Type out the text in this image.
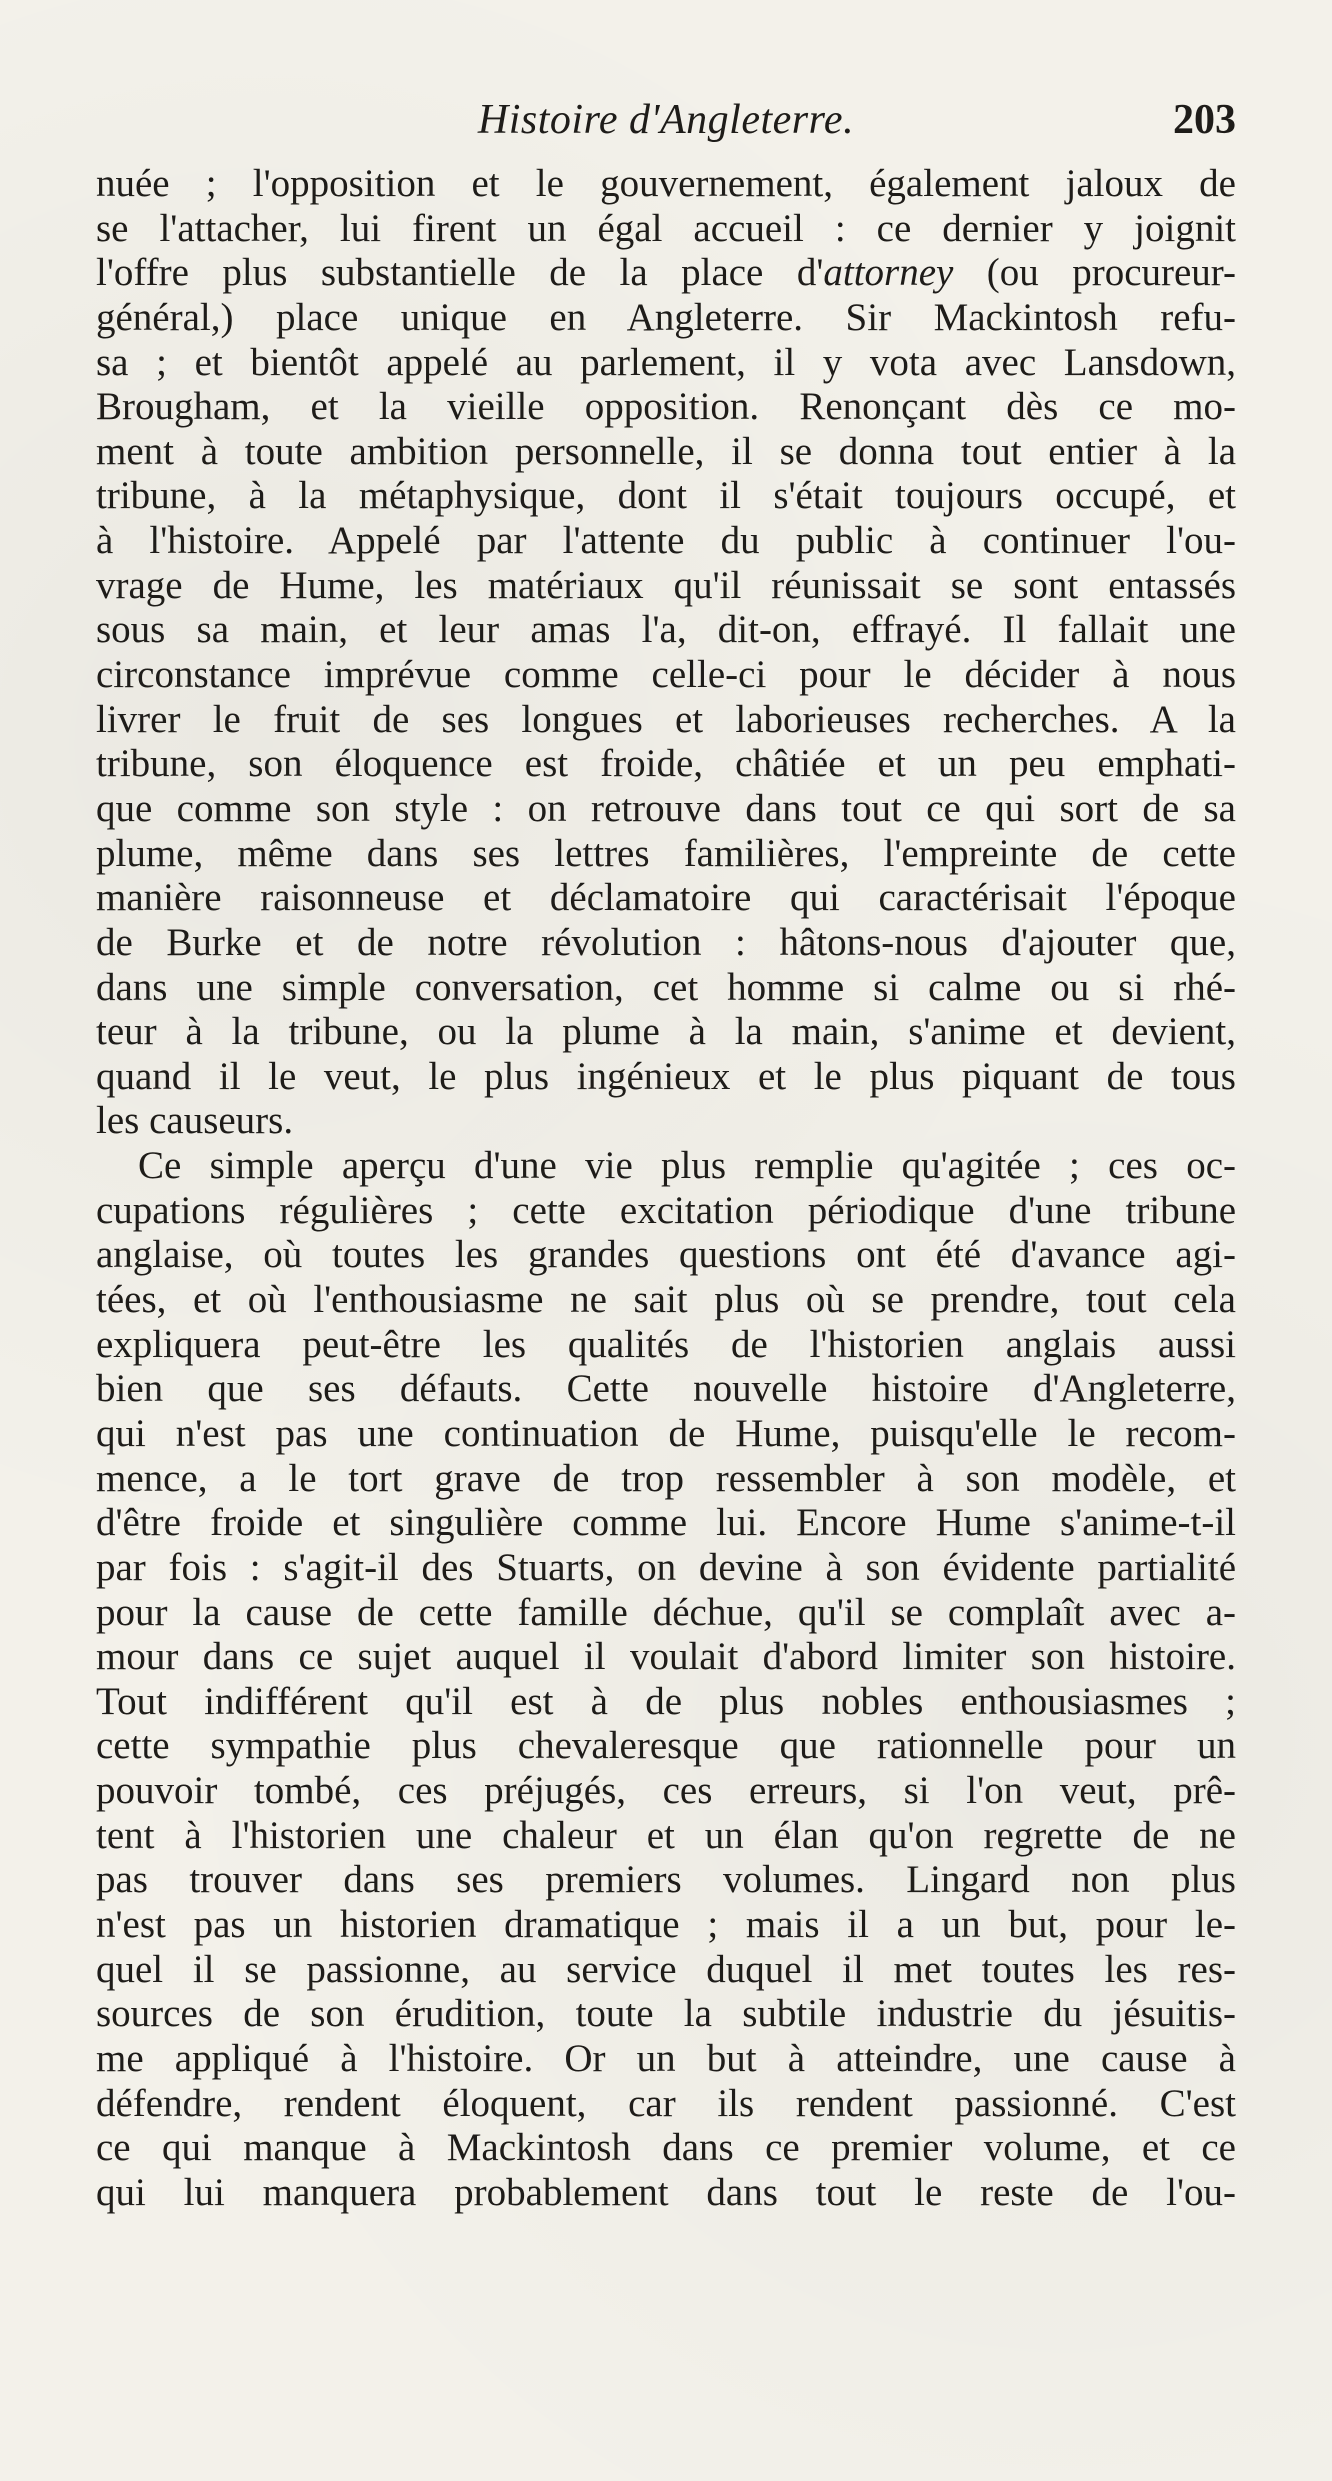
Histoire d'Angleterre.	203
nuée ; l'opposition et le gouvernement, également jaloux de
se l'attacher, lui firent un égal accueil : ce dernier y joignit
l'offre plus substantielle de la place d'attorney (ou procureur-
général,) place unique en Angleterre. Sir Mackintosh refu-
sa ; et bientôt appelé au parlement, il y vota avec Lansdown,
Brougham, et la vieille opposition. Renonçant dès ce mo-
ment à toute ambition personnelle, il se donna tout entier à la
tribune, à la métaphysique, dont il s'était toujours occupé, et
à l'histoire. Appelé par l'attente du public à continuer l'ou-
vrage de Hume, les matériaux qu'il réunissait se sont entassés
sous sa main, et leur amas l'a, dit-on, effrayé. Il fallait une
circonstance imprévue comme celle-ci pour le décider à nous
livrer le fruit de ses longues et laborieuses recherches. A la
tribune, son éloquence est froide, châtiée et un peu emphati-
que comme son style : on retrouve dans tout ce qui sort de sa
plume, même dans ses lettres familières, l'empreinte de cette
manière raisonneuse et déclamatoire qui caractérisait l'époque
de Burke et de notre révolution : hâtons-nous d'ajouter que,
dans une simple conversation, cet homme si calme ou si rhé-
teur à la tribune, ou la plume à la main, s'anime et devient,
quand il le veut, le plus ingénieux et le plus piquant de tous
les causeurs.
Ce simple aperçu d'une vie plus remplie qu'agitée ; ces oc-
cupations régulières ; cette excitation périodique d'une tribune
anglaise, où toutes les grandes questions ont été d'avance agi-
tées, et où l'enthousiasme ne sait plus où se prendre, tout cela
expliquera peut-être les qualités de l'historien anglais aussi
bien que ses défauts. Cette nouvelle histoire d'Angleterre,
qui n'est pas une continuation de Hume, puisqu'elle le recom-
mence, a le tort grave de trop ressembler à son modèle, et
d'être froide et singulière comme lui. Encore Hume s'anime-t-il
par fois : s'agit-il des Stuarts, on devine à son évidente partialité
pour la cause de cette famille déchue, qu'il se complaît avec a-
mour dans ce sujet auquel il voulait d'abord limiter son histoire.
Tout indifférent qu'il est à de plus nobles enthousiasmes ;
cette sympathie plus chevaleresque que rationnelle pour un
pouvoir tombé, ces préjugés, ces erreurs, si l'on veut, prê-
tent à l'historien une chaleur et un élan qu'on regrette de ne
pas trouver dans ses premiers volumes. Lingard non plus
n'est pas un historien dramatique ; mais il a un but, pour le-
quel il se passionne, au service duquel il met toutes les res-
sources de son érudition, toute la subtile industrie du jésuitis-
me appliqué à l'histoire. Or un but à atteindre, une cause à
défendre, rendent éloquent, car ils rendent passionné. C'est
ce qui manque à Mackintosh dans ce premier volume, et ce
qui lui manquera probablement dans tout le reste de l'ou-
